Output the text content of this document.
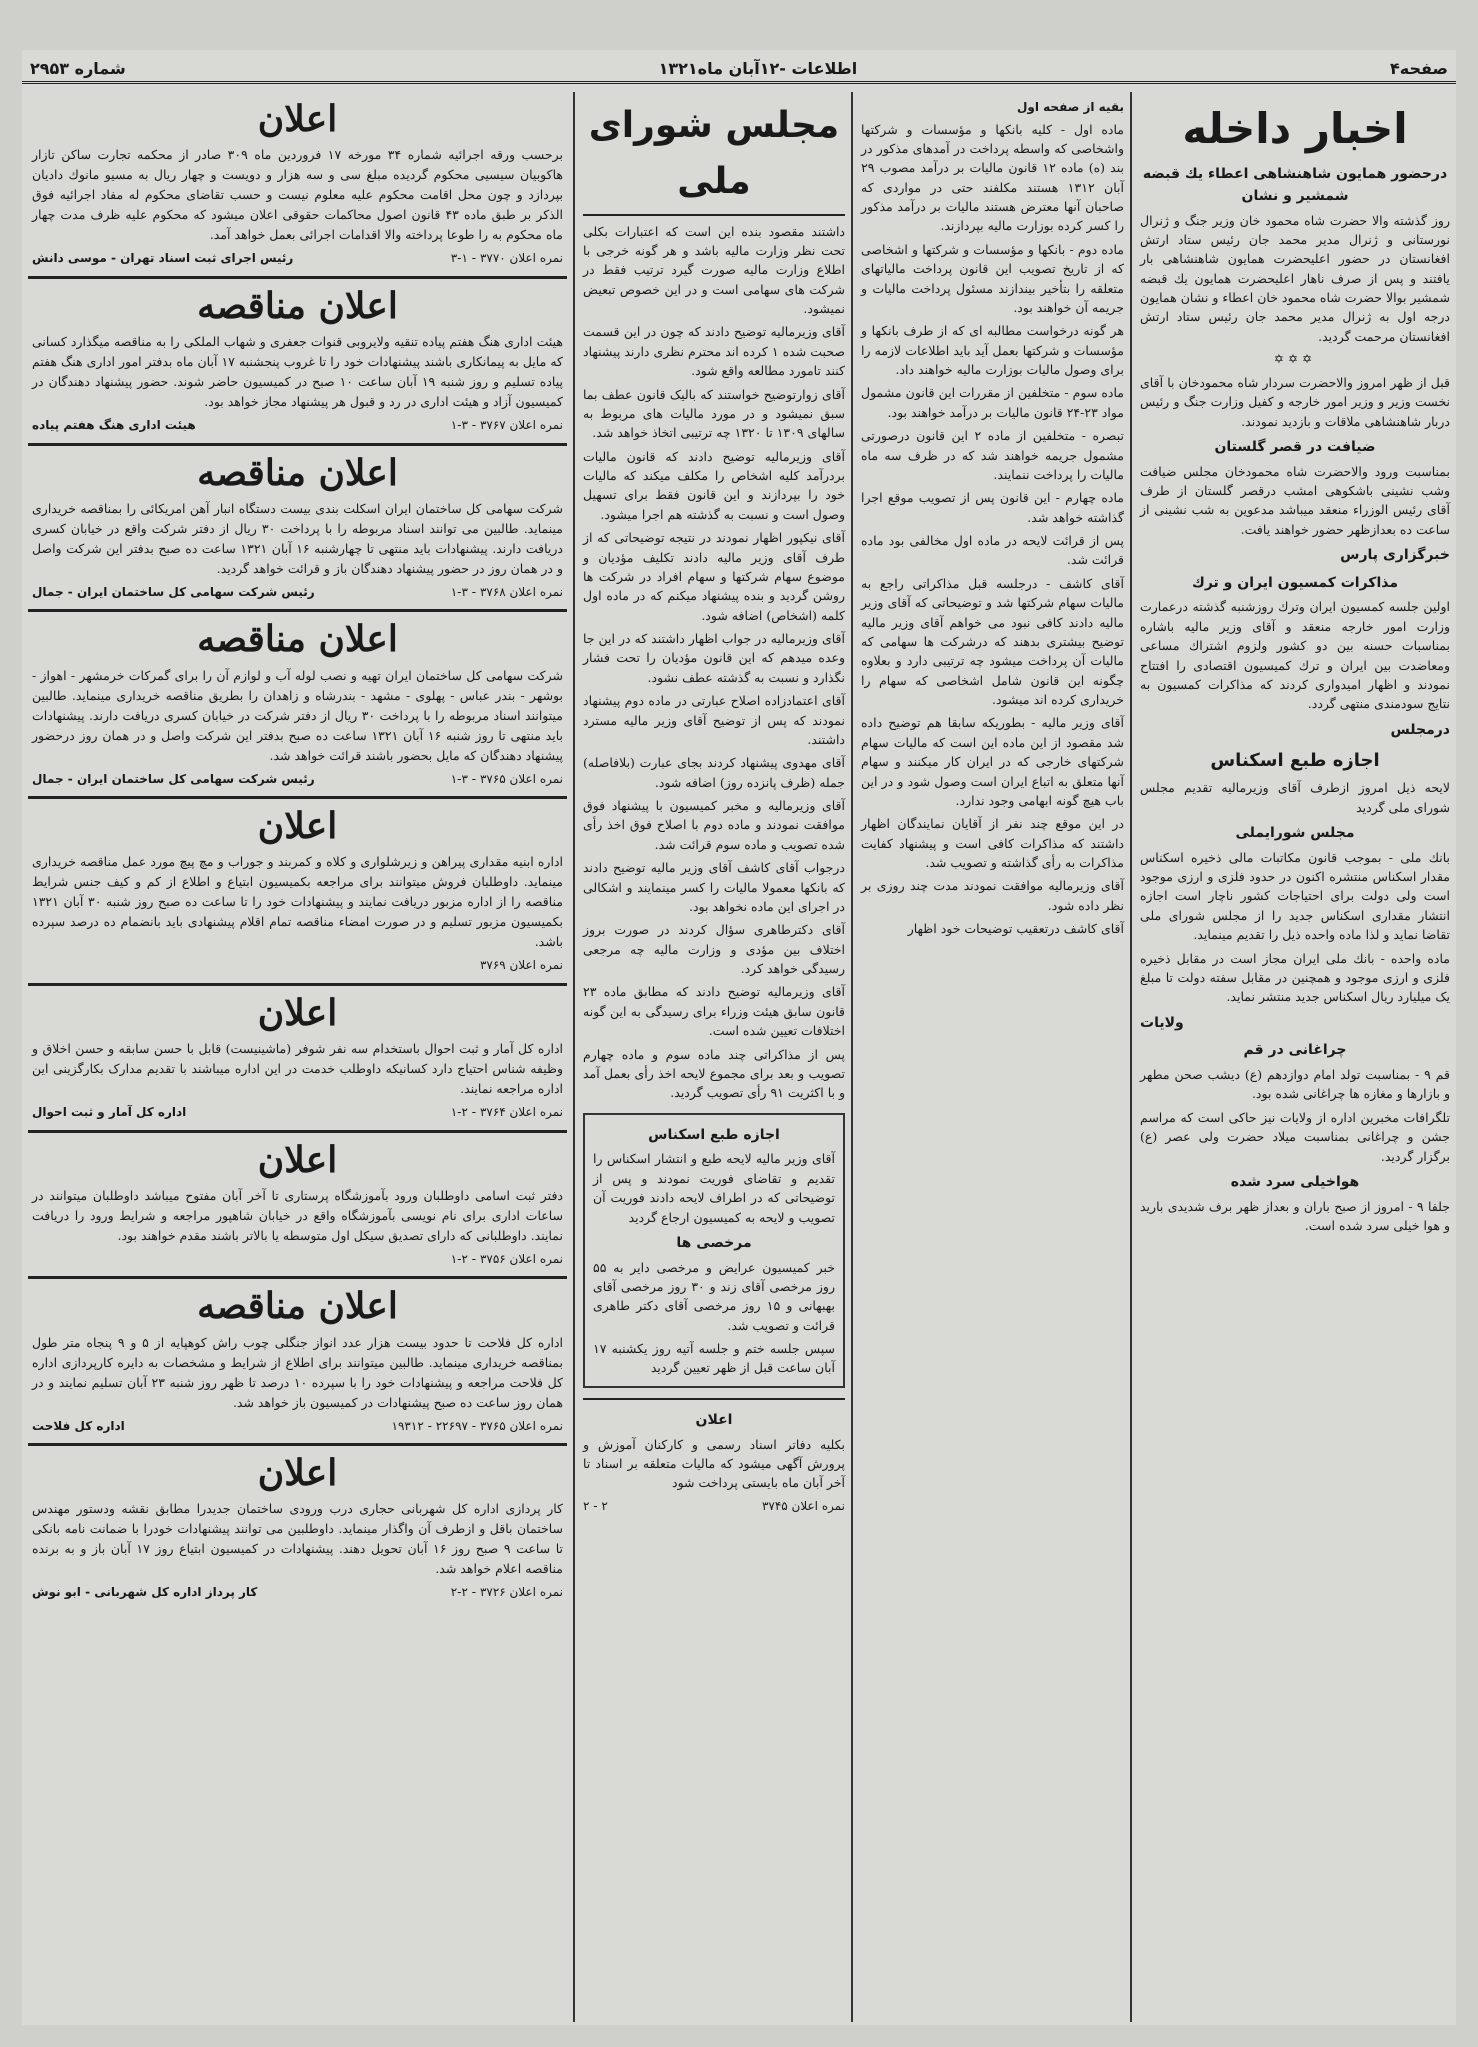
صفحه۴
اطلاعات -۱۲آبان ماه۱۳۲۱
شماره ۲۹۵۳
اخبار داخله
درحضور همایون شاهنشاهی اعطاء یك قبضه شمشیر و نشان

روز گذشته والا حضرت شاه محمود خان وزیر جنگ و ژنرال نورستانی و ژنرال مدیر محمد جان رئیس ستاد ارتش افغانستان در حضور اعلیحضرت همایون شاهنشاهی بار یافتند و پس از صرف ناهار اعلیحضرت همایون یك قبضه شمشیر بوالا حضرت شاه محمود خان اعطاء و نشان همایون درجه اول به ژنرال مدیر محمد جان رئیس ستاد ارتش افغانستان مرحمت گردید.

✡✡✡

قبل از ظهر امروز والاحضرت سردار شاه محمودخان با آقای نخست وزیر و وزیر امور خارجه و کفیل وزارت جنگ و رئیس دربار شاهنشاهی ملاقات و بازدید نمودند.

ضیافت در قصر گلستان

بمناسبت ورود والاحضرت شاه محمودخان مجلس ضیافت وشب نشینی باشکوهی امشب درقصر گلستان از طرف آقای رئیس الوزراء منعقد میباشد مدعوین به شب نشینی از ساعت ده بعدازظهر حضور خواهند یافت.

خبرگزاری پارس
مذاکرات کمسیون ایران و ترك

اولین جلسه کمسیون ایران وترك روزشنبه گذشته درعمارت وزارت امور خارجه منعقد و آقای وزیر مالیه باشاره بمناسبات حسنه بین دو کشور ولزوم اشتراك مساعی ومعاضدت بین ایران و ترك کمیسیون اقتصادی را افتتاح نمودند و اظهار امیدواری کردند که مذاکرات کمسیون به نتایج سودمندی منتهی گردد.

درمجلس
اجازه طبع اسکناس

لایحه ذیل امروز ازطرف آقای وزیرمالیه تقدیم مجلس شورای ملی گردید

مجلس شورایملی

بانك ملی - بموجب قانون مکاتبات مالی ذخیره اسکناس مقدار اسکناس منتشره اکنون در حدود فلزی و ارزی موجود است ولی دولت برای احتیاجات کشور ناچار است اجازه انتشار مقداری اسکناس جدید را از مجلس شورای ملی تقاضا نماید و لذا ماده واحده ذیل را تقدیم مینماید.

ماده واحده - بانك ملی ایران مجاز است در مقابل ذخیره فلزی و ارزی موجود و همچنین در مقابل سفته دولت تا مبلغ یک میلیارد ریال اسکناس جدید منتشر نماید.

ولایات
چراغانی در قم

قم ٩ - بمناسبت تولد امام دوازدهم (ع) دیشب صحن مطهر و بازارها و مغازه ها چراغانی شده بود.

تلگرافات مخبرین اداره از ولایات نیز حاکی است که مراسم جشن و چراغانی بمناسبت میلاد حضرت ولی عصر (ع) برگزار گردید.

هواخیلی سرد شده

جلفا ٩ - امروز از صبح باران و بعداز ظهر برف شدیدی بارید و هوا خیلی سرد شده است.

بقیه از صفحه اول

ماده اول - کلیه بانکها و مؤسسات و شرکتها واشخاصی که واسطه پرداخت در آمدهای مذکور در بند (ه) ماده ۱۲ قانون مالیات بر درآمد مصوب ۲۹ آبان ۱۳۱۲ هستند مکلفند حتی در مواردی که صاحبان آنها معترض هستند مالیات بر درآمد مذکور را کسر کرده بوزارت مالیه بپردازند.

ماده دوم - بانکها و مؤسسات و شرکتها و اشخاصی که از تاریخ تصویب این قانون پرداخت مالیاتهای متعلقه را بتأخیر بیندازند مسئول پرداخت مالیات و جریمه آن خواهند بود.

هر گونه درخواست مطالبه ای که از طرف بانکها و مؤسسات و شرکتها بعمل آید باید اطلاعات لازمه را برای وصول مالیات بوزارت مالیه خواهند داد.

ماده سوم - متخلفین از مقررات این قانون مشمول مواد ۲۳-۲۴ قانون مالیات بر درآمد خواهند بود.

تبصره - متخلفین از ماده ۲ این قانون درصورتی مشمول جریمه خواهند شد که در ظرف سه ماه مالیات را پرداخت ننمایند.

ماده چهارم - این قانون پس از تصویب موقع اجرا گذاشته خواهد شد.

پس از قرائت لایحه در ماده اول مخالفی بود ماده قرائت شد.

آقای کاشف - درجلسه قبل مذاکراتی راجع به مالیات سهام شرکتها شد و توضیحاتی که آقای وزیر مالیه دادند کافی نبود می خواهم آقای وزیر مالیه توضیح بیشتری بدهند که درشرکت ها سهامی که مالیات آن پرداخت میشود چه ترتیبی دارد و بعلاوه چگونه این قانون شامل اشخاصی که سهام را خریداری کرده اند میشود.

آقای وزیر مالیه - بطوریکه سابقا هم توضیح داده شد مقصود از این ماده این است که مالیات سهام شرکتهای خارجی که در ایران کار میکنند و سهام آنها متعلق به اتباع ایران است وصول شود و در این باب هیچ گونه ابهامی وجود ندارد.

در این موقع چند نفر از آقایان نمایندگان اظهار داشتند که مذاکرات کافی است و پیشنهاد کفایت مذاکرات به رأی گذاشته و تصویب شد.

آقای وزیرمالیه موافقت نمودند مدت چند روزی بر نظر داده شود.

آقای کاشف درتعقیب توضیحات خود اظهار

مجلس شورای ملی

داشتند مقصود بنده این است که اعتبارات بکلی تحت نظر وزارت مالیه باشد و هر گونه خرجی با اطلاع وزارت مالیه صورت گیرد ترتیب فقط در شرکت های سهامی است و در این خصوص تبعیض نمیشود.

آقای وزیرمالیه توضیح دادند که چون در این قسمت صحبت شده ۱ کرده اند محترم نظری دارند پیشنهاد کنند تامورد مطالعه واقع شود.

آقای زوارتوضیح خواستند که بالیک قانون عطف بما سبق نمیشود و در مورد مالیات های مربوط به سالهای ۱۳۰۹ تا ۱۳۲۰ چه ترتیبی اتخاذ خواهد شد.

آقای وزیرمالیه توضیح دادند که قانون مالیات بردرآمد کلیه اشخاص را مکلف میکند که مالیات خود را بپردازند و این قانون فقط برای تسهیل وصول است و نسبت به گذشته هم اجرا میشود.

آقای نیکپور اظهار نمودند در نتیجه توضیحاتی که از طرف آقای وزیر مالیه دادند تکلیف مؤدیان و موضوع سهام شرکتها و سهام افراد در شرکت ها روشن گردید و بنده پیشنهاد میکنم که در ماده اول کلمه (اشخاص) اضافه شود.

آقای وزیرمالیه در جواب اظهار داشتند که در این جا وعده میدهم که این قانون مؤدیان را تحت فشار نگذارد و نسبت به گذشته عطف نشود.

آقای اعتمادزاده اصلاح عبارتی در ماده دوم پیشنهاد نمودند که پس از توضیح آقای وزیر مالیه مسترد داشتند.

آقای مهدوی پیشنهاد کردند بجای عبارت (بلافاصله) جمله (ظرف پانزده روز) اضافه شود.

آقای وزیرمالیه و مخبر کمیسیون با پیشنهاد فوق موافقت نمودند و ماده دوم با اصلاح فوق اخذ رأی شده تصویب و ماده سوم قرائت شد.

درجواب آقای کاشف آقای وزیر مالیه توضیح دادند که بانکها معمولا مالیات را کسر مینمایند و اشکالی در اجرای این ماده نخواهد بود.

آقای دکترطاهری سؤال کردند در صورت بروز اختلاف بین مؤدی و وزارت مالیه چه مرجعی رسیدگی خواهد کرد.

آقای وزیرمالیه توضیح دادند که مطابق ماده ۲۳ قانون سابق هیئت وزراء برای رسیدگی به این گونه اختلافات تعیین شده است.

پس از مذاکراتی چند ماده سوم و ماده چهارم تصویب و بعد برای مجموع لایحه اخذ رأی بعمل آمد و با اکثریت ۹۱ رأی تصویب گردید.

اجازه طبع اسکناس

آقای وزیر مالیه لایحه طبع و انتشار اسکناس را تقدیم و تقاضای فوریت نمودند و پس از توضیحاتی که در اطراف لایحه دادند فوریت آن تصویب و لایحه به کمیسیون ارجاع گردید

مرخصی ها

خبر کمیسیون عرایض و مرخصی دایر به ۵۵ روز مرخصی آقای زند و ۳۰ روز مرخصی آقای بهبهانی و ۱۵ روز مرخصی آقای دکتر طاهری قرائت و تصویب شد.

سپس جلسه ختم و جلسه آتیه روز یکشنبه ۱۷ آبان ساعت قبل از ظهر تعیین گردید

اعلان

بکلیه دفاتر اسناد رسمی و کارکنان آموزش و پرورش آگهی میشود که مالیات متعلقه بر اسناد تا آخر آبان ماه بایستی پرداخت شود

نمره اعلان ۳۷۴۵
۲ - ۲
اعلان

برحسب ورقه اجرائیه شماره ۳۴ مورخه ۱۷ فروردین ماه ۳۰۹ صادر از محکمه تجارت ساکن تازار هاکوبیان سیسیی محکوم گردیده مبلغ سی و سه هزار و دویست و چهار ریال به مسیو مانوك دادیان بپردازد و چون محل اقامت محکوم علیه معلوم نیست و حسب تقاضای محکوم له مفاد اجرائیه فوق الذکر بر طبق ماده ۴۳ قانون اصول محاکمات حقوقی اعلان میشود که محکوم علیه ظرف مدت چهار ماه محکوم به را طوعا پرداخته والا اقدامات اجرائی بعمل خواهد آمد.

نمره اعلان ۳۷۷۰ - ۱-۳
رئیس اجرای ثبت اسناد تهران - موسی دانش
اعلان مناقصه

هیئت اداری هنگ هفتم پیاده تنقیه ولایروبی قنوات جعفری و شهاب الملکی را به مناقصه میگذارد کسانی که مایل به پیمانکاری باشند پیشنهادات خود را تا غروب پنجشنبه ۱۷ آبان ماه بدفتر امور اداری هنگ هفتم پیاده تسلیم و روز شنبه ۱۹ آبان ساعت ۱۰ صبح در کمیسیون حاضر شوند. حضور پیشنهاد دهندگان در کمیسیون آزاد و هیئت اداری در رد و قبول هر پیشنهاد مجاز خواهد بود.

نمره اعلان ۳۷۶۷ - ۳-۱
هیئت اداری هنگ هفتم پیاده
اعلان مناقصه

شرکت سهامی کل ساختمان ایران اسکلت بندی بیست دستگاه انبار آهن امریکائی را بمناقصه خریداری مینماید. طالبین می توانند اسناد مربوطه را با پرداخت ۳۰ ریال از دفتر شرکت واقع در خیابان کسری دریافت دارند. پیشنهادات باید منتهی تا چهارشنبه ۱۶ آبان ۱۳۲۱ ساعت ده صبح بدفتر این شرکت واصل و در همان روز در حضور پیشنهاد دهندگان باز و قرائت خواهد گردید.

نمره اعلان ۳۷۶۸ - ۳-۱
رئیس شرکت سهامی کل ساختمان ایران - جمال
اعلان مناقصه

شرکت سهامی کل ساختمان ایران تهیه و نصب لوله آب و لوازم آن را برای گمرکات خرمشهر - اهواز - بوشهر - بندر عباس - پهلوی - مشهد - بندرشاه و زاهدان را بطریق مناقصه خریداری مینماید. طالبین میتوانند اسناد مربوطه را با پرداخت ۳۰ ریال از دفتر شرکت در خیابان کسری دریافت دارند. پیشنهادات باید منتهی تا روز شنبه ۱۶ آبان ۱۳۲۱ ساعت ده صبح بدفتر این شرکت واصل و در همان روز درحضور پیشنهاد دهندگان که مایل بحضور باشند قرائت خواهد شد.

نمره اعلان ۳۷۶۵ - ۳-۱
رئیس شرکت سهامی کل ساختمان ایران - جمال
اعلان

اداره ابنیه مقداری پیراهن و زیرشلواری و کلاه و کمربند و جوراب و مچ پیچ مورد عمل مناقصه خریداری مینماید. داوطلبان فروش میتوانند برای مراجعه بکمیسیون ابتیاع و اطلاع از کم و کیف جنس شرایط مناقصه را از اداره مزبور دریافت نمایند و پیشنهادات خود را تا ساعت ده صبح روز شنبه ۳۰ آبان ۱۳۲۱ بکمیسیون مزبور تسلیم و در صورت امضاء مناقصه تمام اقلام پیشنهادی باید بانضمام ده درصد سپرده باشد.

نمره اعلان ۳۷۶۹
اعلان

اداره کل آمار و ثبت احوال باستخدام سه نفر شوفر (ماشینیست) قابل با حسن سابقه و حسن اخلاق و وظیفه شناس احتیاج دارد کسانیکه داوطلب خدمت در این اداره میباشند با تقدیم مدارک بکارگزینی این اداره مراجعه نمایند.

نمره اعلان ۳۷۶۴ - ۲-۱
اداره کل آمار و ثبت احوال
اعلان

دفتر ثبت اسامی داوطلبان ورود بآموزشگاه پرستاری تا آخر آبان مفتوح میباشد داوطلبان میتوانند در ساعات اداری برای نام نویسی بآموزشگاه واقع در خیابان شاهپور مراجعه و شرایط ورود را دریافت نمایند. داوطلبانی که دارای تصدیق سیکل اول متوسطه یا بالاتر باشند مقدم خواهند بود.

نمره اعلان ۳۷۵۶ - ۲-۱
اعلان مناقصه

اداره کل فلاحت تا حدود بیست هزار عدد انواز جنگلی چوب راش کوهپایه از ۵ و ۹ پنجاه متر طول بمناقصه خریداری مینماید. طالبین میتوانند برای اطلاع از شرایط و مشخصات به دایره کارپردازی اداره کل فلاحت مراجعه و پیشنهادات خود را با سپرده ۱۰ درصد تا ظهر روز شنبه ۲۳ آبان تسلیم نمایند و در همان روز ساعت ده صبح پیشنهادات در کمیسیون باز خواهد شد.

نمره اعلان ۳۷۶۵ - ۲۲۶۹۷ - ۱۹۳۱۲
اداره کل فلاحت
اعلان

کار پردازی اداره کل شهربانی حجاری درب ورودی ساختمان جدیدرا مطابق نقشه ودستور مهندس ساختمان باقل و ازطرف آن واگذار مینماید. داوطلبین می توانند پیشنهادات خودرا با ضمانت نامه بانکی تا ساعت ۹ صبح روز ۱۶ آبان تحویل دهند. پیشنهادات در کمیسیون ابتیاع روز ۱۷ آبان باز و به برنده مناقصه اعلام خواهد شد.

نمره اعلان ۳۷۲۶ - ۲-۲
کار پرداز اداره کل شهربانی - ابو نوش
